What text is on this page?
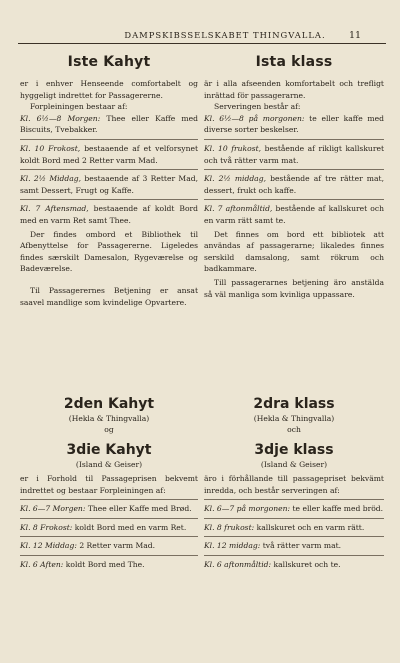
DAMPSKIBSSELSKABET THINGVALLA.	11
Iste Kahyt

er i enhver Henseende comfortabelt og hyggeligt indrettet for Passagererne.

Forpleiningen bestaar af:

Kl. 6½—8 Morgen: Thee eller Kaffe med Biscuits, Tvebakker.

Kl. 10 Frokost, bestaaende af et velforsynet koldt Bord med 2 Retter varm Mad.

Kl. 2½ Middag, bestaaende af 3 Retter Mad, samt Dessert, Frugt og Kaffe.

Kl. 7 Aftensmad, bestaaende af koldt Bord med en varm Ret samt Thee.

Der findes ombord et Bibliothek til Afbenyttelse for Passagererne. Ligeledes findes særskilt Damesalon, Rygeværelse og Badeværelse.

Til Passagerernes Betjening er ansat saavel mandlige som kvindelige Opvartere.

Ista klass

är i alla afseenden komfortabelt och trefligt inrättad för passagerarne.

Serveringen består af:

Kl. 6½—8 på morgonen: te eller kaffe med diverse sorter beskelser.

Kl. 10 frukost, bestående af rikligt kallskuret och två rätter varm mat.

Kl. 2½ middag, bestående af tre rätter mat, dessert, frukt och kaffe.

Kl. 7 aftonmåltid, bestående af kallskuret och en varm rätt samt te.

Det finnes om bord ett bibliotek att användas af passagerarne; likaledes finnes serskild damsalong, samt rökrum och badkammare.

Till passagerarnes betjening äro anstälda så väl manliga som kvinliga uppassare.

2den Kahyt
(Hekla & Thingvalla)
og
3die Kahyt
(Island & Geiser)

er i Forhold til Passageprisen bekvemt indrettet og bestaar Forpleiningen af:

Kl. 6—7 Morgen: Thee eller Kaffe med Brød.

Kl. 8 Frokost: koldt Bord med en varm Ret.

Kl. 12 Middag: 2 Retter varm Mad.

Kl. 6 Aften: koldt Bord med The.

2dra klass
(Hekla & Thingvalla)
och
3dje klass
(Island & Geiser)

äro i förhållande till passagepriset bekvämt inredda, och består serveringen af:

Kl. 6—7 på morgonen: te eller kaffe med bröd.

Kl. 8 frukost: kallskuret och en varm rätt.

Kl. 12 middag: två rätter varm mat.

Kl. 6 aftonmåltid: kallskuret och te.
